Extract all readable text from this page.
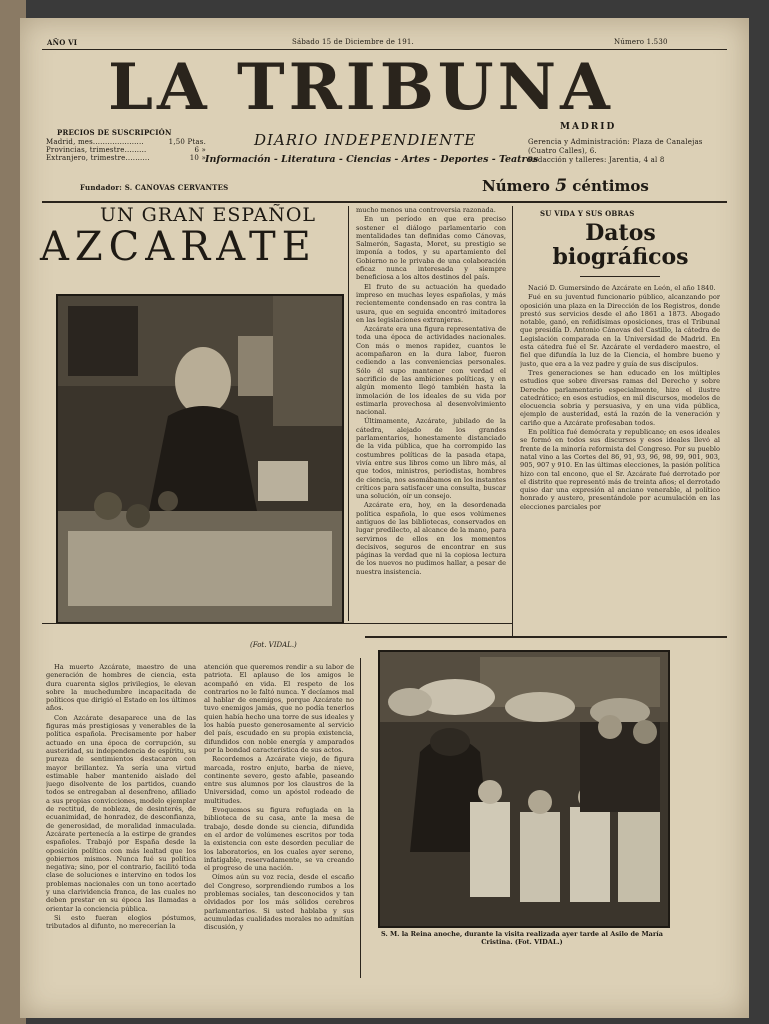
AÑO VI	Sábado 15 de Diciembre de 191.	Número 1.530
LA TRIBUNA
MADRID
PRECIOS DE SUSCRIPCIÓN
Madrid, mes.....................	1,50 Ptas.
Provincias, trimestre.........	6 »
Extranjero, trimestre..........	10 »
DIARIO INDEPENDIENTE
Información - Literatura - Ciencias - Artes - Deportes - Teatros
Gerencia y Administración: Plaza de Canalejas (Cuatro Calles), 6.
Redacción y talleres: Jarentia, 4 al 8
Fundador: S. CANOVAS CERVANTES	Número 5 céntimos
UN GRAN ESPAÑOL
AZCARATE
(Fot. VIDAL.)

mucho menos una controversia razonada.

En un período en que era preciso sostener el diálogo parlamentario con mentalidades tan definidas como Cánovas, Salmerón, Sagasta, Moret, su prestigio se imponía a todos, y su apartamiento del Gobierno no le privaba de una colaboración eficaz nunca interesada y siempre beneficiosa a los altos destinos del país.

El fruto de su actuación ha quedado impreso en muchas leyes españolas, y más recientemente condensado en ras contra la usura, que en seguida encontró imitadores en las legislaciones extranjeras.

Azcárate era una figura representativa de toda una época de actividades nacionales. Con más o menos rapidez, cuantos le acompañaron en la dura labor, fueron cediendo a las conveniencias personales. Sólo él supo mantener con verdad el sacrificio de las ambiciones políticas, y en algún momento llegó también hasta la inmolación de los ideales de su vida por estimarla provechosa al desenvolvimiento nacional.

Últimamente, Azcárate, jubilado de la cátedra, alejado de los grandes parlamentarios, honestamente distanciado de la vida pública, que ha corrompido las costumbres políticas de la pasada etapa, vivía entre sus libros como un libro más, al que todos, ministros, periodistas, hombres de ciencia, nos asomábamos en los instantes críticos para satisfacer una consulta, buscar una solución, oír un consejo.

Azcárate era, hoy, en la desordenada política española, lo que esos volúmenes antiguos de las bibliotecas, conservados en lugar predilecto, al alcance de la mano, para servirnos de ellos en los momentos decisivos, seguros de encontrar en sus páginas la verdad que ni la copiosa lectura de los nuevos no pudimos hallar, a pesar de nuestra insistencia.

Ha muerto Azcárate, maestro de una generación de hombres de ciencia, esta dura cuarenta siglos privilegios, le elevan sobre la muchedumbre incapacitada de políticos que dirigió el Estado en los últimos años.

Con Azcárate desaparece una de las figuras más prestigiosas y venerables de la política española. Precisamente por haber actuado en una época de corrupción, su austeridad, su independencia de espíritu, su pureza de sentimientos destacaron con mayor brillantez. Ya sería una virtud estimable haber mantenido aislado del juego disolvente de los partidos, cuando todos se entregaban al desenfreno, afiliado a sus propias convicciones, modelo ejemplar de rectitud, de nobleza, de desinterés, de ecuanimidad, de honradez, de desconfianza, de generosidad, de moralidad inmaculada. Azcárate pertenecía a la estirpe de grandes españoles. Trabajó por España desde la oposición política con más lealtad que los gobiernos mismos. Nunca fué su política negativa; sino, por el contrario, facilitó toda clase de soluciones e intervino en todos los problemas nacionales con un tono acertado y una clarividencia franca, de las cuales no deben prestar en su época las llamadas a orientar la conciencia pública.

Si esto fueran elogios póstumos, tributados al difunto, no merecerían la

atención que queremos rendir a su labor de patriota. El aplauso de los amigos le acompañó en vida. El respeto de los contrarios no le faltó nunca. Y decíamos mal al hablar de enemigos, porque Azcárate no tuvo enemigos jamás, que no podía tenerlos quien había hecho una torre de sus ideales y los había puesto generosamente al servicio del país, escudado en su propia existencia, difundidos con noble energía y amparados por la bondad característica de sus actos.

Recordemos a Azcárate viejo, de figura marcada, rostro enjuto, barba de nieve, continente severo, gesto afable, paseando entre sus alumnos por los claustros de la Universidad, como un apóstol rodeado de multitudes.

Evoquemos su figura refugiada en la biblioteca de su casa, ante la mesa de trabajo, desde donde su ciencia, difundida en el ardor de volúmenes escritos por toda la existencia con este desorden peculiar de los laboratorios, en los cuales ayer sereno, infatigable, reservadamente, se va creando el progreso de una nación.

Oímos aún su voz recia, desde el escaño del Congreso, sorprendiendo rumbos a los problemas sociales, tan desconocidos y tan olvidados por los más sólidos cerebros parlamentarios. Si usted hablaba y sus acumuladas cualidades morales no admitían discusión, y

SU VIDA Y SUS OBRAS
Datos
biográficos

Nació D. Gumersindo de Azcárate en León, el año 1840.

Fué en su juventud funcionario público, alcanzando por oposición una plaza en la Dirección de los Registros, donde prestó sus servicios desde el año 1861 a 1873. Abogado notable, ganó, en reñidísimas oposiciones, tras el Tribunal que presidía D. Antonio Cánovas del Castillo, la cátedra de Legislación comparada en la Universidad de Madrid. En esta cátedra fué el Sr. Azcárate el verdadero maestro, el fiel que difundía la luz de la Ciencia, el hombre bueno y justo, que era a la vez padre y guía de sus discípulos.

Tres generaciones se han educado en los múltiples estudios que sobre diversas ramas del Derecho y sobre Derecho parlamentario especialmente, hizo el ilustre catedrático; en esos estudios, en mil discursos, modelos de elocuencia sobria y persuasiva, y en una vida pública, ejemplo de austeridad, está la razón de la veneración y cariño que a Azcárate profesaban todos.

En política fué demócrata y republicano; en esos ideales se formó en todos sus discursos y esos ideales llevó al frente de la minoría reformista del Congreso. Por su pueblo natal vino a las Cortes del 86, 91, 93, 96, 98, 99, 901, 903, 905, 907 y 910. En las últimas elecciones, la pasión política hizo con tal encono, que el Sr. Azcárate fué derrotado por el distrito que representó más de treinta años; el derrotado quiso dar una expresión al anciano venerable, al político honrado y austero, presentándole por acumulación en las elecciones parciales por

S. M. la Reina anoche, durante la visita realizada ayer tarde al Asilo de María Cristina. (Fot. VIDAL.)
